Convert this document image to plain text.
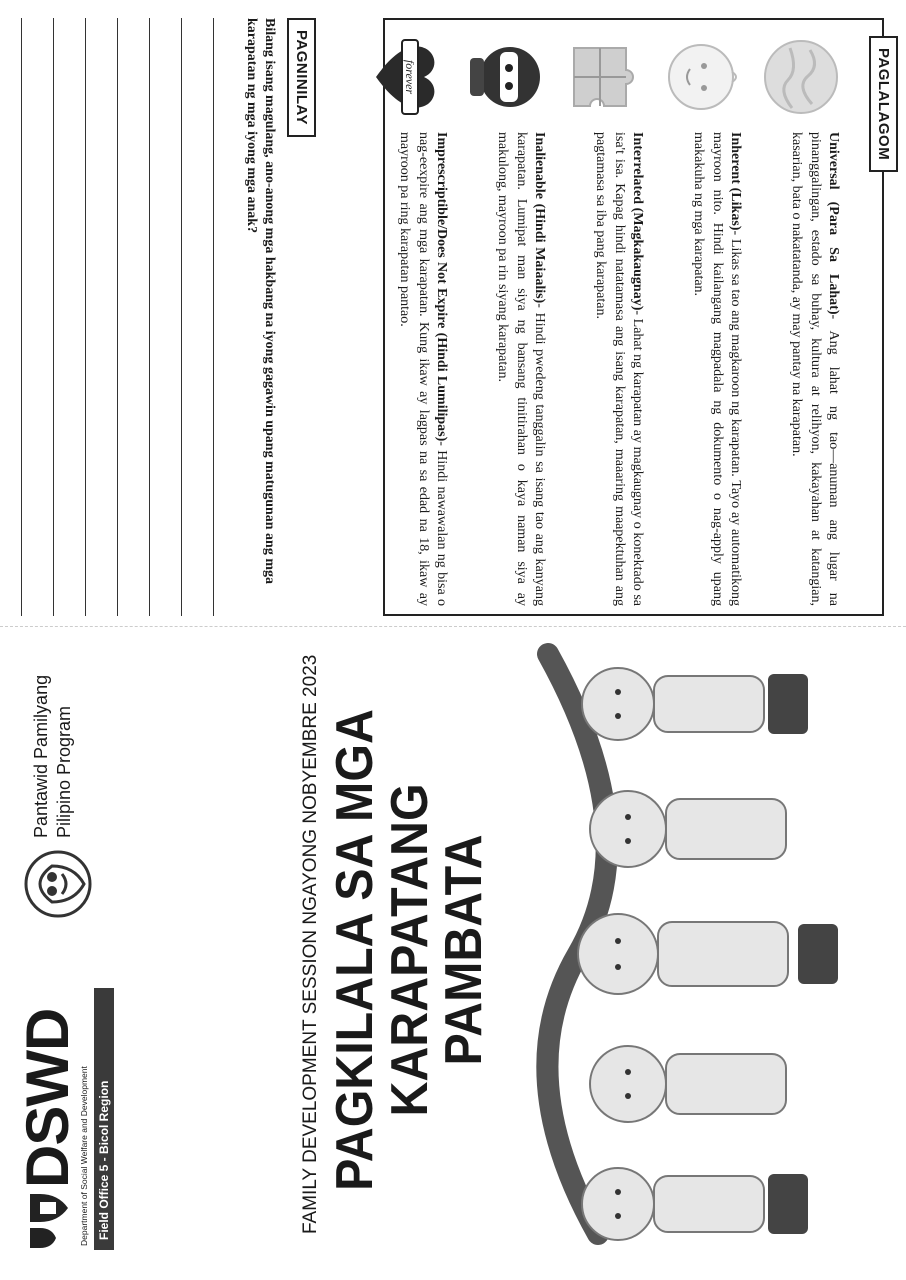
PAGLALAGOM
Universal (Para Sa Lahat)- Ang lahat ng tao—anuman ang lugar na pinanggalingan, estado sa buhay, kultura at relihyon, kakayahan at katangian, kasarian, bata o nakatatanda, ay may pantay na karapatan.
Inherent (Likas)- Likas sa tao ang magkaroon ng karapatan. Tayo ay automatikong mayroon nito. Hindi kailangang magpadala ng dokumento o nag-apply upang makakuha ng mga karapatan.
Interrelated (Magkakaugnay)- Lahat ng karapatan ay magkaugnay o konektado sa isa't isa. Kapag hindi natatamasa ang isang karapatan, maaaring maapektuhan ang pagtamasa sa iba pang karapatan.
Inalienable (Hindi Maiaalis)- Hindi pwedeng tanggalin sa isang tao ang kanyang karapatan. Lumipat man siya ng bansang tinitirahan o kaya naman siya ay makulong, mayroon pa rin siyang karapatan.
forever
Imprescriptible/Does Not Expire (Hindi Lumilipas)- Hindi nawawalan ng bisa o nag-eexpire ang mga karapatan. Kung ikaw ay lagpas na sa edad na 18, ikaw ay mayroon pa ring karapatan pantao.
PAGNINILAY
Bilang isang magulang, ano-anong mga hakbang na iyong gagawin upang matugunan ang mga karapatan ng mga iyong mga anak?
DSWD
Department of Social Welfare and Development Field Office 5 - Bicol Region
Pantawid Pamilyang Pilipino Program	FAMILY DEVELOPMENT SESSION NGAYONG NOBYEMBRE 2023 PAGKILALA SA MGA
KARAPATANG PAMBATA
